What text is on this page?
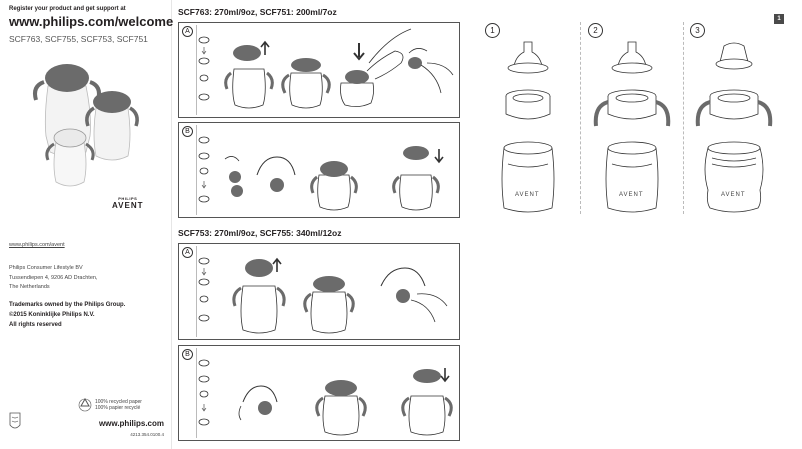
Register your product and get support at
www.philips.com/welcome
SCF763, SCF755, SCF753, SCF751
PHILIPS
AVENT
www.philips.com/avent
Philips Consumer Lifestyle BV
Tussendiepen 4, 9206 AD Drachten,
The Netherlands
Trademarks owned by the Philips Group.
©2015 Koninklijke Philips N.V.
All rights reserved
100% recycled paper
100% papier recyclé
www.philips.com
4213.354.0100.4
SCF763: 270ml/9oz, SCF751: 200ml/7oz
A
B
SCF753: 270ml/9oz, SCF755: 340ml/12oz
A
B
1
1	2	3
AVENT	AVENT	AVENT
